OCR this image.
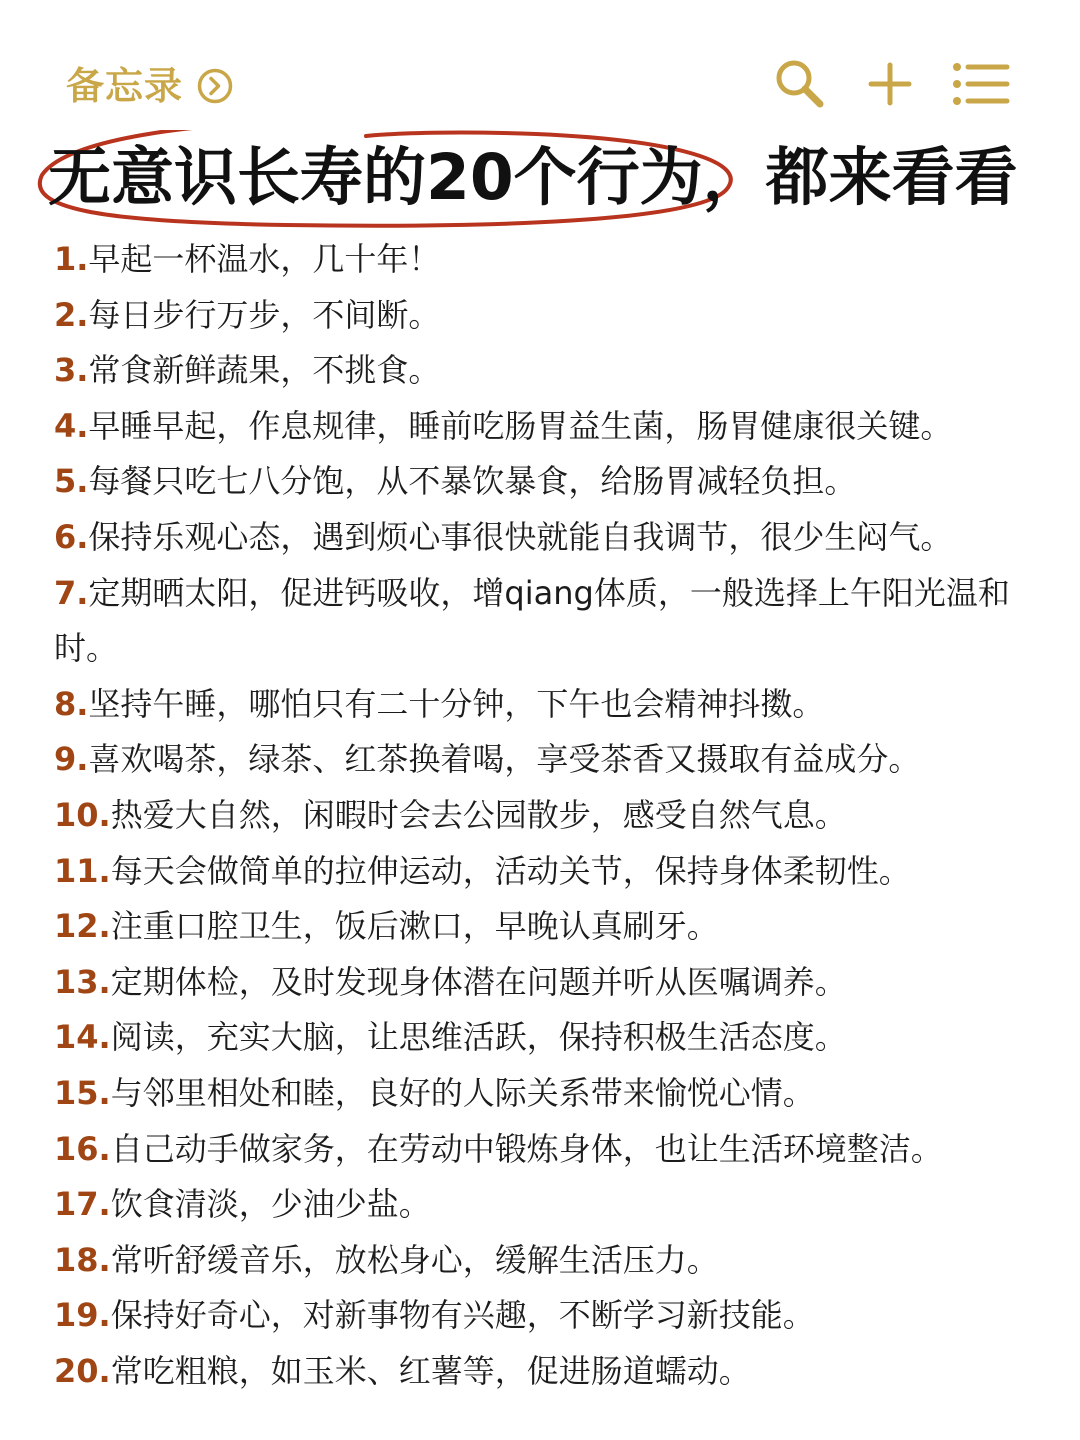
备忘录
无意识长寿的20个行为，都来看看
1.早起一杯温水，几十年！
2.每日步行万步，不间断。
3.常食新鲜蔬果，不挑食。
4.早睡早起，作息规律，睡前吃肠胃益生菌，肠胃健康很关键。
5.每餐只吃七八分饱，从不暴饮暴食，给肠胃减轻负担。
6.保持乐观心态，遇到烦心事很快就能自我调节，很少生闷气。
7.定期晒太阳，促进钙吸收，增qiang体质，一般选择上午阳光温和时。
8.坚持午睡，哪怕只有二十分钟，下午也会精神抖擞。
9.喜欢喝茶，绿茶、红茶换着喝，享受茶香又摄取有益成分。
10.热爱大自然，闲暇时会去公园散步，感受自然气息。
11.每天会做简单的拉伸运动，活动关节，保持身体柔韧性。
12.注重口腔卫生，饭后漱口，早晚认真刷牙。
13.定期体检，及时发现身体潜在问题并听从医嘱调养。
14.阅读，充实大脑，让思维活跃，保持积极生活态度。
15.与邻里相处和睦，良好的人际关系带来愉悦心情。
16.自己动手做家务，在劳动中锻炼身体，也让生活环境整洁。
17.饮食清淡，少油少盐。
18.常听舒缓音乐，放松身心，缓解生活压力。
19.保持好奇心，对新事物有兴趣，不断学习新技能。
20.常吃粗粮，如玉米、红薯等，促进肠道蠕动。
